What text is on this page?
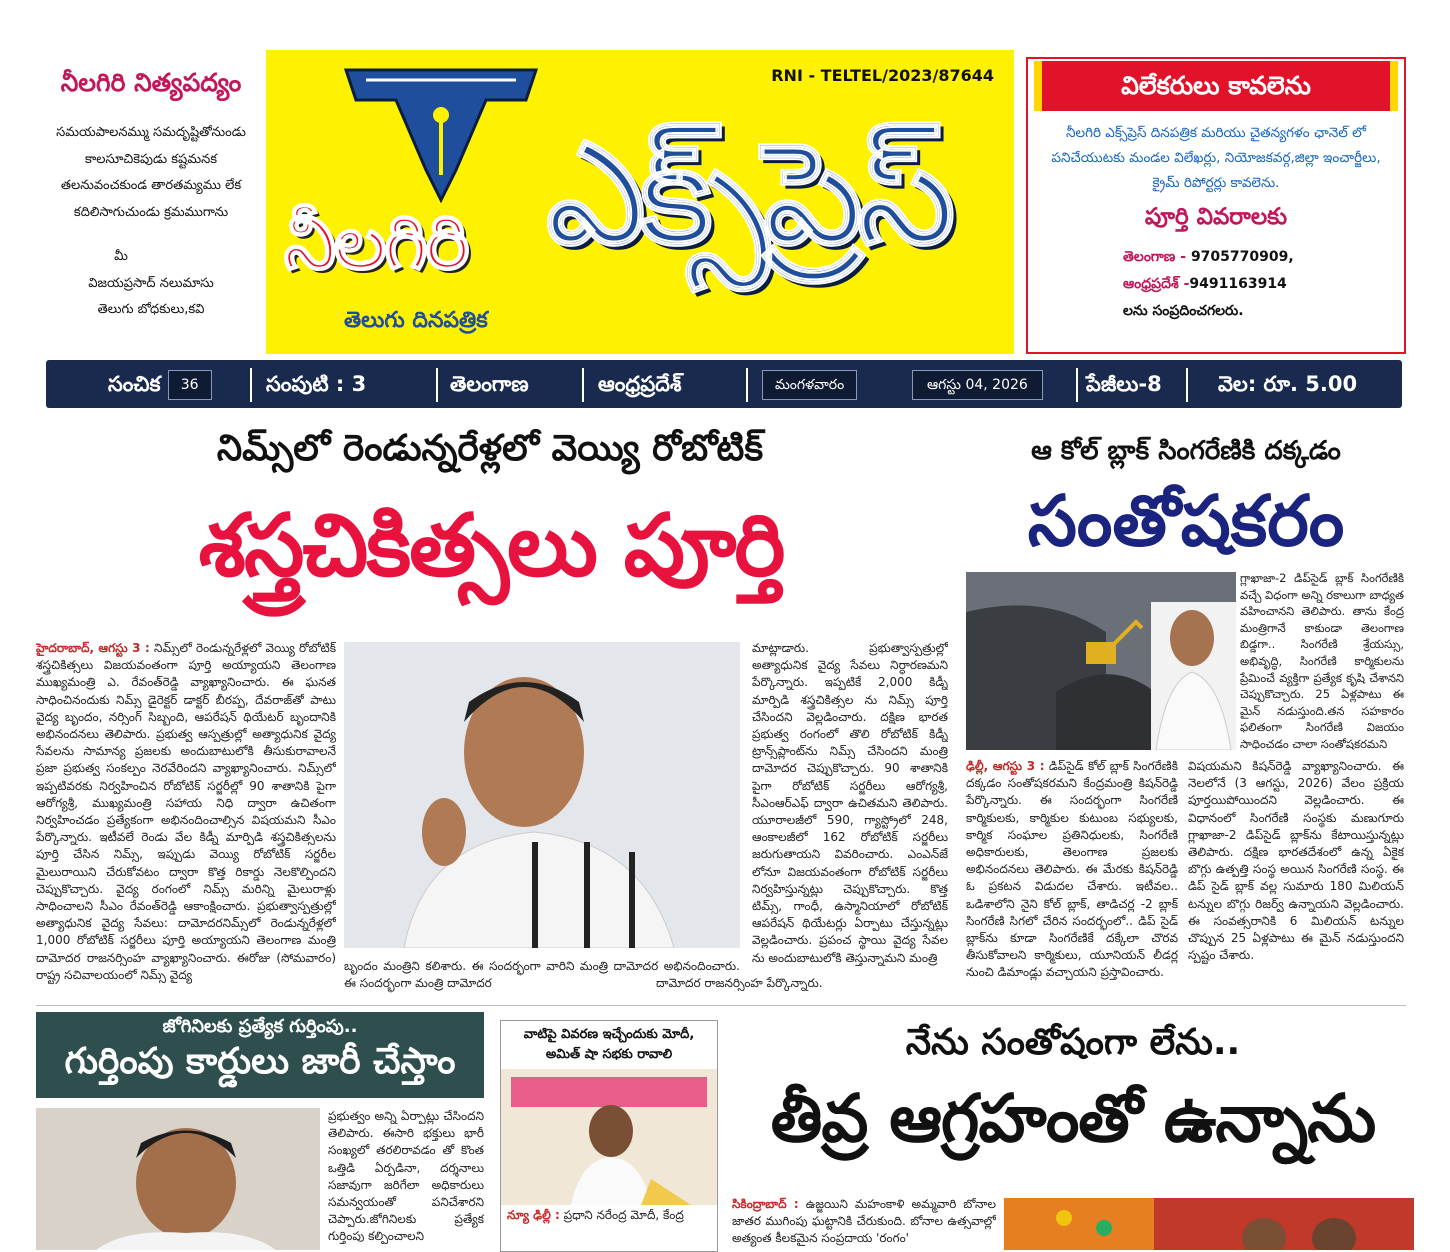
నీలగిరి నిత్యపద్యం
సమయపాలనమ్ము సమదృష్టితోనుండు
కాలసూచికెపుడు కష్టమనక
తలనువంచకుండ తారతమ్యము లేక
కదిలిసాగుచుండు క్రమముగాను
మీ
విజయప్రసాద్ నలుమాసు
తెలుగు బోధకులు,కవి
RNI - TELTEL/2023/87644
నీలగిరి ఎక్స్‌ప్రెస్
తెలుగు దినపత్రిక
విలేకరులు కావలెను
నీలగిరి ఎక్స్‌ప్రెస్ దినపత్రిక మరియు చైతన్యగళం ఛానెల్ లో పనిచేయుటకు మండల విలేఖర్లు, నియోజకవర్గ,జిల్లా ఇంచార్జీలు, క్రైమ్ రిపోర్టర్లు కావలెను.
పూర్తి వివరాలకు
తెలంగాణ - 9705770909,
ఆంధ్రప్రదేశ్ -9491163914
లను సంప్రదించగలరు.
సంచిక 36	సంపుటి : 3	తెలంగాణ	ఆంధ్రప్రదేశ్	మంగళవారం	ఆగస్టు 04, 2026	పేజీలు-8	వెల: రూ. 5.00
నిమ్స్‌లో రెండున్నరేళ్లలో వెయ్యి రోబోటిక్
శస్త్రచికిత్సలు పూర్తి
హైదరాబాద్, ఆగస్టు 3 : నిమ్స్‌లో రెండున్నరేళ్లలో వెయ్యి రోబోటిక్ శస్త్రచికిత్సలు విజయవంతంగా పూర్తి అయ్యాయని తెలంగాణ ముఖ్యమంత్రి ఎ. రేవంత్‌రెడ్డి వ్యాఖ్యానించారు. ఈ ఘనత సాధించినందుకు నిమ్స్ డైరెక్టర్ డాక్టర్ బీరప్ప, దేవరాజ్‌తో పాటు వైద్య బృందం, నర్సింగ్ సిబ్బంది, ఆపరేషన్ థియేటర్ బృందానికి అభినందనలు తెలిపారు. ప్రభుత్వ ఆస్పత్రుల్లో అత్యాధునిక వైద్య సేవలను సామాన్య ప్రజలకు అందుబాటులోకి తీసుకురావాలనే ప్రజా ప్రభుత్వ సంకల్పం నెరవేరిందని వ్యాఖ్యానించారు. నిమ్స్‌లో ఇప్పటివరకు నిర్వహించిన రోబోటిక్ సర్జరీల్లో 90 శాతానికి పైగా ఆరోగ్యశ్రీ, ముఖ్యమంత్రి సహాయ నిధి ద్వారా ఉచితంగా నిర్వహించడం ప్రత్యేకంగా అభినందించాల్సిన విషయమని సీఎం పేర్కొన్నారు. ఇటీవలే రెండు వేల కిడ్నీ మార్పిడి శస్త్రచికిత్సలను పూర్తి చేసిన నిమ్స్, ఇప్పుడు వెయ్యి రోబోటిక్ సర్జరీల మైలురాయిని చేరుకోవటం ద్వారా కొత్త రికార్డు నెలకొల్పిందని చెప్పుకొచ్చారు. వైద్య రంగంలో నిమ్స్ మరిన్ని మైలురాళ్లు సాధించాలని సీఎం రేవంత్‌రెడ్డి ఆకాంక్షించారు. ప్రభుత్వాస్పత్రుల్లో అత్యాధునిక వైద్య సేవలు: దామోదరనిమ్స్‌లో రెండున్నరేళ్లలో 1,000 రోబోటిక్ సర్జరీలు పూర్తి అయ్యాయని తెలంగాణ మంత్రి దామోదర రాజనర్సింహ వ్యాఖ్యానించారు. ఈరోజు (సోమవారం) రాష్ట్ర సచివాలయంలో నిమ్స్ వైద్య
బృందం మంత్రిని కలిశారు. ఈ సందర్భంగా వారిని మంత్రి దామోదర అభినందించారు. ఈ సందర్భంగా మంత్రి దామోదర
మాట్లాడారు. ప్రభుత్వాస్పత్రుల్లో అత్యాధునిక వైద్య సేవలు నిర్ధారణమని పేర్కొన్నారు. ఇప్పటికే 2,000 కిడ్నీ మార్పిడి శస్త్రచికిత్సల ను నిమ్స్ పూర్తి చేసిందని వెల్లడించారు. దక్షిణ భారత ప్రభుత్వ రంగంలో తొలి రోబోటిక్ కిడ్నీ ట్రాన్స్‌ప్లాంట్‌ను నిమ్స్ చేసిందని మంత్రి దామోదర చెప్పుకొచ్చారు. 90 శాతానికి పైగా రోబోటిక్ సర్జరీలు ఆరోగ్యశ్రీ, సీఎంఆర్‌ఎఫ్ ద్వారా ఉచితమని తెలిపారు. యూరాలజీలో 590, గ్యాస్ట్రోలో 248, ఆంకాలజీలో 162 రోబోటిక్ సర్జరీలు జరుగుతాయని వివరించారు. ఎంఎన్‌జే లోనూ విజయవంతంగా రోబోటిక్ సర్జరీలు నిర్వహిస్తున్నట్లు చెప్పుకొచ్చారు. కొత్త టిమ్స్, గాంధీ, ఉస్మానియాలో రోబోటిక్ ఆపరేషన్ థియేటర్లు ఏర్పాటు చేస్తున్నట్లు వెల్లడించారు. ప్రపంచ స్థాయి వైద్య సేవల ను అందుబాటులోకి తెస్తున్నామని మంత్రి
దామోదర రాజనర్సింహ పేర్కొన్నారు.
ఆ కోల్ బ్లాక్ సింగరేణికి దక్కడం
సంతోషకరం
గ్లాఖాజా-2 డిప్‌సైడ్ బ్లాక్ సింగరేణికి వచ్చే విధంగా అన్ని రకాలుగా బాధ్యత వహించానని తెలిపారు. తాను కేంద్ర మంత్రిగానే కాకుండా తెలంగాణ బిడ్డగా.. సింగరేణి శ్రేయస్సు, అభివృద్ధి, సింగరేణి కార్మికులను ప్రేమించే వ్యక్తిగా ప్రత్యేక కృషి చేశానని చెప్పుకొచ్చారు. 25 ఏళ్లపాటు ఈ మైన్ నడుస్తుంది.తన సహకారం ఫలితంగా సింగరేణి విజయం సాధించడం చాలా సంతోషకరమని
ఢిల్లీ, ఆగస్టు 3 : డిప్‌సైడ్ కోల్ బ్లాక్ సింగరేణికి దక్కడం సంతోషకరమని కేంద్రమంత్రి కిషన్‌రెడ్డి పేర్కొన్నారు. ఈ సందర్భంగా సింగరేణి కార్మికులకు, కార్మికుల కుటుంబ సభ్యులకు, కార్మిక సంఘాల ప్రతినిధులకు, సింగరేణి అధికారులకు, తెలంగాణ ప్రజలకు అభినందనలు తెలిపారు. ఈ మేరకు కిషన్‌రెడ్డి ఓ ప్రకటన విడుదల చేశారు. ఇటీవల.. ఒడిశాలోని నైని కోల్ బ్లాక్, తాడిచర్ల -2 బ్లాక్ సింగరేణి సిగలో చేరిన సందర్భంలో.. డిప్ సైడ్ బ్లాక్‌ను కూడా సింగరేణికే దక్కేలా చొరవ తీసుకోవాలని కార్మికులు, యూనియన్ లీడర్ల నుంచి డిమాండ్లు వచ్చాయని ప్రస్తావించారు.
విషయమని కిషన్‌రెడ్డి వ్యాఖ్యానించారు. ఈ నెలలోనే (3 ఆగస్టు, 2026) వేలం ప్రక్రియ పూర్తయిపోయిందని వెల్లడించారు. ఈ విధానంలో సింగరేణి సంస్థకు మణుగూరు గ్లాఖాజా-2 డిప్‌సైడ్ బ్లాక్‌ను కేటాయిస్తున్నట్లు తెలిపారు. దక్షిణ భారతదేశంలో ఉన్న ఏకైక బొగ్గు ఉత్పత్తి సంస్థ అయిన సింగరేణి సంస్థ. ఈ డిప్ సైడ్ బ్లాక్ వల్ల సుమారు 180 మిలియన్ టన్నుల బొగ్గు రిజర్వ్ ఉన్నాయని వెల్లడించారు. ఈ సంవత్సరానికి 6 మిలియన్ టన్నుల చొప్పున 25 ఏళ్లపాటు ఈ మైన్ నడుస్తుందని స్పష్టం చేశారు.
జోగినిలకు ప్రత్యేక గుర్తింపు..
గుర్తింపు కార్డులు జారీ చేస్తాం
ప్రభుత్వం అన్ని ఏర్పాట్లు చేసిందని తెలిపారు. ఈసారి భక్తులు భారీ సంఖ్యలో తరలిరావడం తో కొంత ఒత్తిడి ఏర్పడినా, దర్శనాలు సజావుగా జరిగేలా అధికారులు సమన్వయంతో పనిచేశారని చెప్పారు.జోగినిలకు ప్రత్యేక గుర్తింపు కల్పించాలని
వాటిపై వివరణ ఇచ్చేందుకు మోదీ, అమిత్ షా సభకు రావాలి
న్యూ ఢిల్లీ : ప్రధాని నరేంద్ర మోదీ, కేంద్ర
నేను సంతోషంగా లేను..
తీవ్ర ఆగ్రహంతో ఉన్నాను
సికింద్రాబాద్ : ఉజ్జయిని మహంకాళి అమ్మవారి బోనాల జాతర ముగింపు ఘట్టానికి చేరుకుంది. బోనాల ఉత్సవాల్లో అత్యంత కీలకమైన సంప్రదాయ 'రంగం'
